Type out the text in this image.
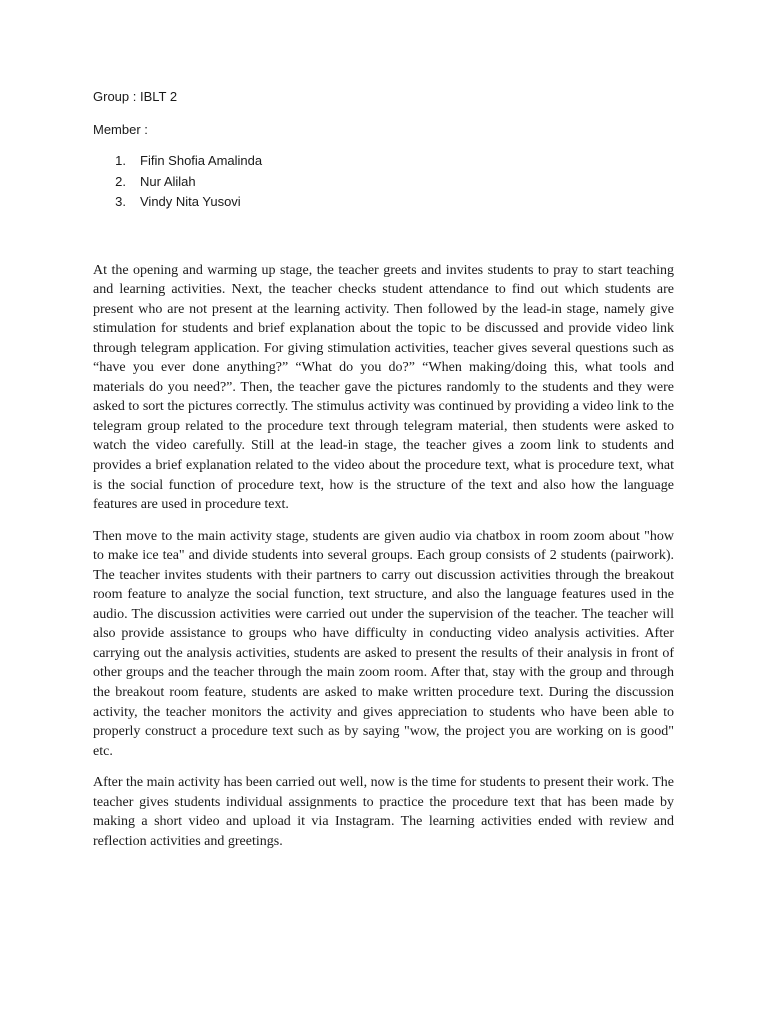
Group : IBLT 2

Member :

1.	Fifin Shofia Amalinda
2.	Nur Alilah
3.	Vindy Nita Yusovi

At the opening and warming up stage, the teacher greets and invites students to pray to start teaching and learning activities. Next, the teacher checks student attendance to find out which students are present who are not present at the learning activity. Then followed by the lead-in stage, namely give stimulation for students and brief explanation about the topic to be discussed and provide video link through telegram application. For giving stimulation activities, teacher gives several questions such as “have you ever done anything?” “What do you do?” “When making/doing this, what tools and materials do you need?”. Then, the teacher gave the pictures randomly to the students and they were asked to sort the pictures correctly. The stimulus activity was continued by providing a video link to the telegram group related to the procedure text through telegram material, then students were asked to watch the video carefully. Still at the lead-in stage, the teacher gives a zoom link to students and provides a brief explanation related to the video about the procedure text, what is procedure text, what is the social function of procedure text, how is the structure of the text and also how the language features are used in procedure text.

Then move to the main activity stage, students are given audio via chatbox in room zoom about "how to make ice tea" and divide students into several groups. Each group consists of 2 students (pairwork). The teacher invites students with their partners to carry out discussion activities through the breakout room feature to analyze the social function, text structure, and also the language features used in the audio. The discussion activities were carried out under the supervision of the teacher. The teacher will also provide assistance to groups who have difficulty in conducting video analysis activities. After carrying out the analysis activities, students are asked to present the results of their analysis in front of other groups and the teacher through the main zoom room. After that, stay with the group and through the breakout room feature, students are asked to make written procedure text. During the discussion activity, the teacher monitors the activity and gives appreciation to students who have been able to properly construct a procedure text such as by saying "wow, the project you are working on is good" etc.

After the main activity has been carried out well, now is the time for students to present their work. The teacher gives students individual assignments to practice the procedure text that has been made by making a short video and upload it via Instagram. The learning activities ended with review and reflection activities and greetings.
